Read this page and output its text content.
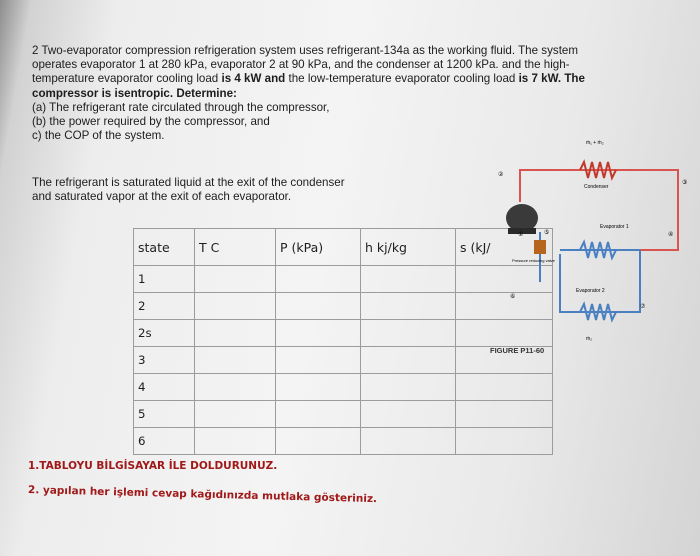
2 Two-evaporator compression refrigeration system uses refrigerant-134a as the working fluid. The system

operates evaporator 1 at 280 kPa, evaporator 2 at 90 kPa, and the condenser at 1200 kPa. and the high-

temperature evaporator cooling load is 4 kW and the low-temperature evaporator cooling load is 7 kW. The

compressor is isentropic. Determine:

(a) The refrigerant rate circulated through the compressor,

(b) the power required by the compressor, and

c) the COP of the system.

The refrigerant is saturated liquid at the exit of the condenser

and saturated vapor at the exit of each evaporator.

state	T C	P (kPa)	h kj/kg	s (kJ/
1				
2				
2s				
3				
4				
5				
6				
1.TABLOYU BİLGİSAYAR İLE DOLDURUNUZ.
2. yapılan her işlemi cevap kağıdınızda mutlaka gösteriniz.
ṁ₁ + ṁ₂
Condenser
Evaporator 1
Evaporator 2
ṁ₂
Pressure reducing valve
①
②
③
④
⑤
⑥
⑦
FIGURE P11-60
